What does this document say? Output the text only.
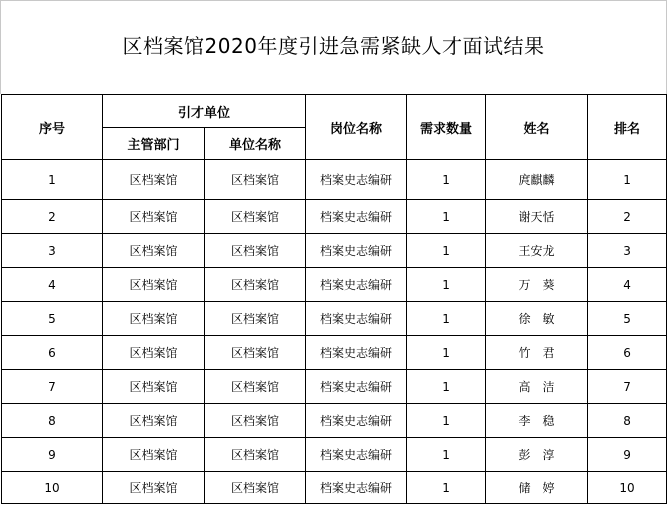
区档案馆2020年度引进急需紧缺人才面试结果
序号	引才单位		岗位名称	需求数量	姓名	排名
	主管部门	单位名称				
1	区档案馆	区档案馆	档案史志编研	1	庹麒麟	1
2	区档案馆	区档案馆	档案史志编研	1	谢天恬	2
3	区档案馆	区档案馆	档案史志编研	1	王安龙	3
4	区档案馆	区档案馆	档案史志编研	1	万　葵	4
5	区档案馆	区档案馆	档案史志编研	1	徐　敏	5
6	区档案馆	区档案馆	档案史志编研	1	竹　君	6
7	区档案馆	区档案馆	档案史志编研	1	高　洁	7
8	区档案馆	区档案馆	档案史志编研	1	李　稳	8
9	区档案馆	区档案馆	档案史志编研	1	彭　淳	9
10	区档案馆	区档案馆	档案史志编研	1	储　婷	10
